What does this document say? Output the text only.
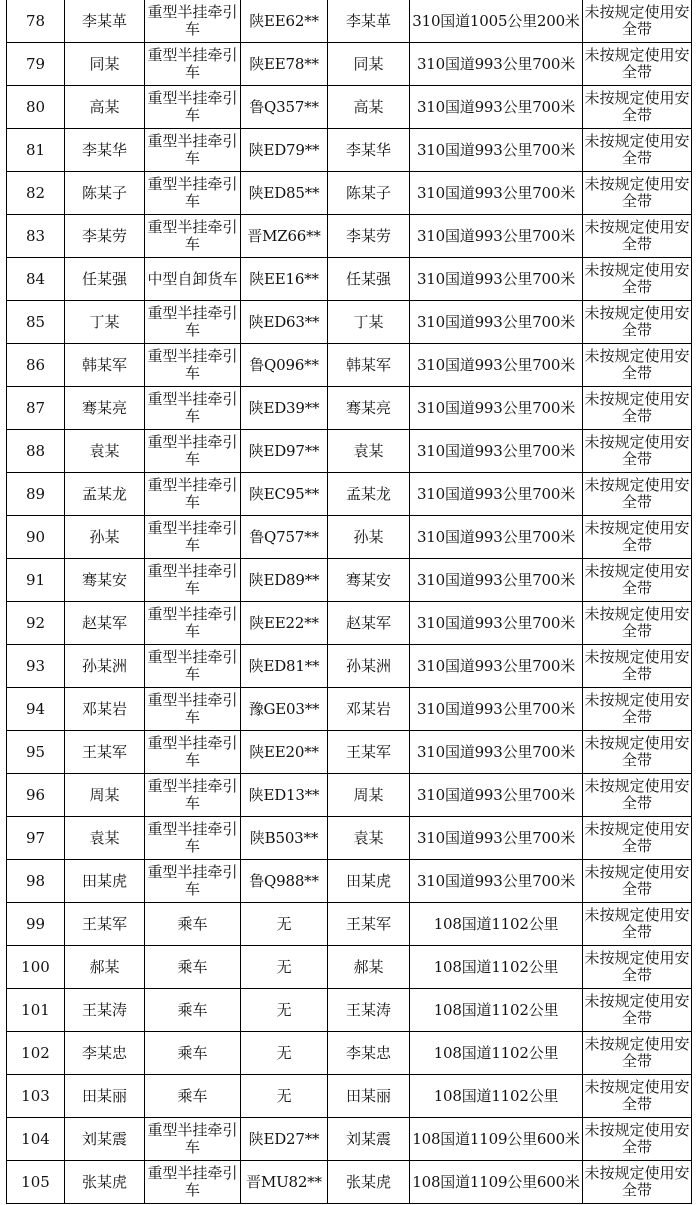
78	李某革	重型半挂牵引车	陕EE62**	李某革	310国道1005公里200米	未按规定使用安全带
79	同某	重型半挂牵引车	陕EE78**	同某	310国道993公里700米	未按规定使用安全带
80	高某	重型半挂牵引车	鲁Q357**	高某	310国道993公里700米	未按规定使用安全带
81	李某华	重型半挂牵引车	陕ED79**	李某华	310国道993公里700米	未按规定使用安全带
82	陈某子	重型半挂牵引车	陕ED85**	陈某子	310国道993公里700米	未按规定使用安全带
83	李某劳	重型半挂牵引车	晋MZ66**	李某劳	310国道993公里700米	未按规定使用安全带
84	任某强	中型自卸货车	陕EE16**	任某强	310国道993公里700米	未按规定使用安全带
85	丁某	重型半挂牵引车	陕ED63**	丁某	310国道993公里700米	未按规定使用安全带
86	韩某军	重型半挂牵引车	鲁Q096**	韩某军	310国道993公里700米	未按规定使用安全带
87	骞某亮	重型半挂牵引车	陕ED39**	骞某亮	310国道993公里700米	未按规定使用安全带
88	袁某	重型半挂牵引车	陕ED97**	袁某	310国道993公里700米	未按规定使用安全带
89	孟某龙	重型半挂牵引车	陕EC95**	孟某龙	310国道993公里700米	未按规定使用安全带
90	孙某	重型半挂牵引车	鲁Q757**	孙某	310国道993公里700米	未按规定使用安全带
91	骞某安	重型半挂牵引车	陕ED89**	骞某安	310国道993公里700米	未按规定使用安全带
92	赵某军	重型半挂牵引车	陕EE22**	赵某军	310国道993公里700米	未按规定使用安全带
93	孙某洲	重型半挂牵引车	陕ED81**	孙某洲	310国道993公里700米	未按规定使用安全带
94	邓某岩	重型半挂牵引车	豫GE03**	邓某岩	310国道993公里700米	未按规定使用安全带
95	王某军	重型半挂牵引车	陕EE20**	王某军	310国道993公里700米	未按规定使用安全带
96	周某	重型半挂牵引车	陕ED13**	周某	310国道993公里700米	未按规定使用安全带
97	袁某	重型半挂牵引车	陕B503**	袁某	310国道993公里700米	未按规定使用安全带
98	田某虎	重型半挂牵引车	鲁Q988**	田某虎	310国道993公里700米	未按规定使用安全带
99	王某军	乘车	无	王某军	108国道1102公里	未按规定使用安全带
100	郝某	乘车	无	郝某	108国道1102公里	未按规定使用安全带
101	王某涛	乘车	无	王某涛	108国道1102公里	未按规定使用安全带
102	李某忠	乘车	无	李某忠	108国道1102公里	未按规定使用安全带
103	田某丽	乘车	无	田某丽	108国道1102公里	未按规定使用安全带
104	刘某震	重型半挂牵引车	陕ED27**	刘某震	108国道1109公里600米	未按规定使用安全带
105	张某虎	重型半挂牵引车	晋MU82**	张某虎	108国道1109公里600米	未按规定使用安全带
